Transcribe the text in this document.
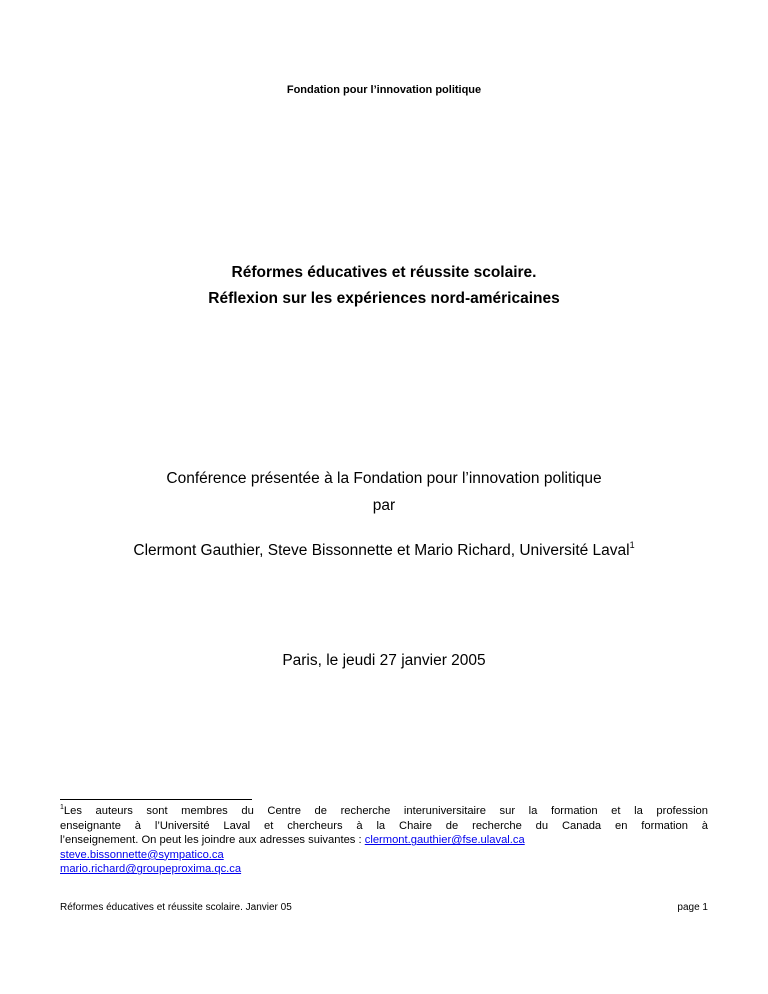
Fondation pour l’innovation politique
Réformes éducatives et réussite scolaire.
Réflexion sur les expériences nord-américaines
Conférence présentée à la Fondation pour l’innovation politique
par
Clermont Gauthier, Steve Bissonnette et Mario Richard, Université Laval$^1$
Paris, le jeudi 27 janvier 2005
$^1$Les auteurs sont membres du Centre de recherche interuniversitaire sur la formation et la profession
enseignante à l’Université Laval et chercheurs à la Chaire de recherche du Canada en formation à
l’enseignement. On peut les joindre aux adresses suivantes : clermont.gauthier@fse.ulaval.ca
steve.bissonnette@sympatico.ca
mario.richard@groupeproxima.qc.ca
Réformes éducatives et réussite scolaire. Janvier 05	page 1
